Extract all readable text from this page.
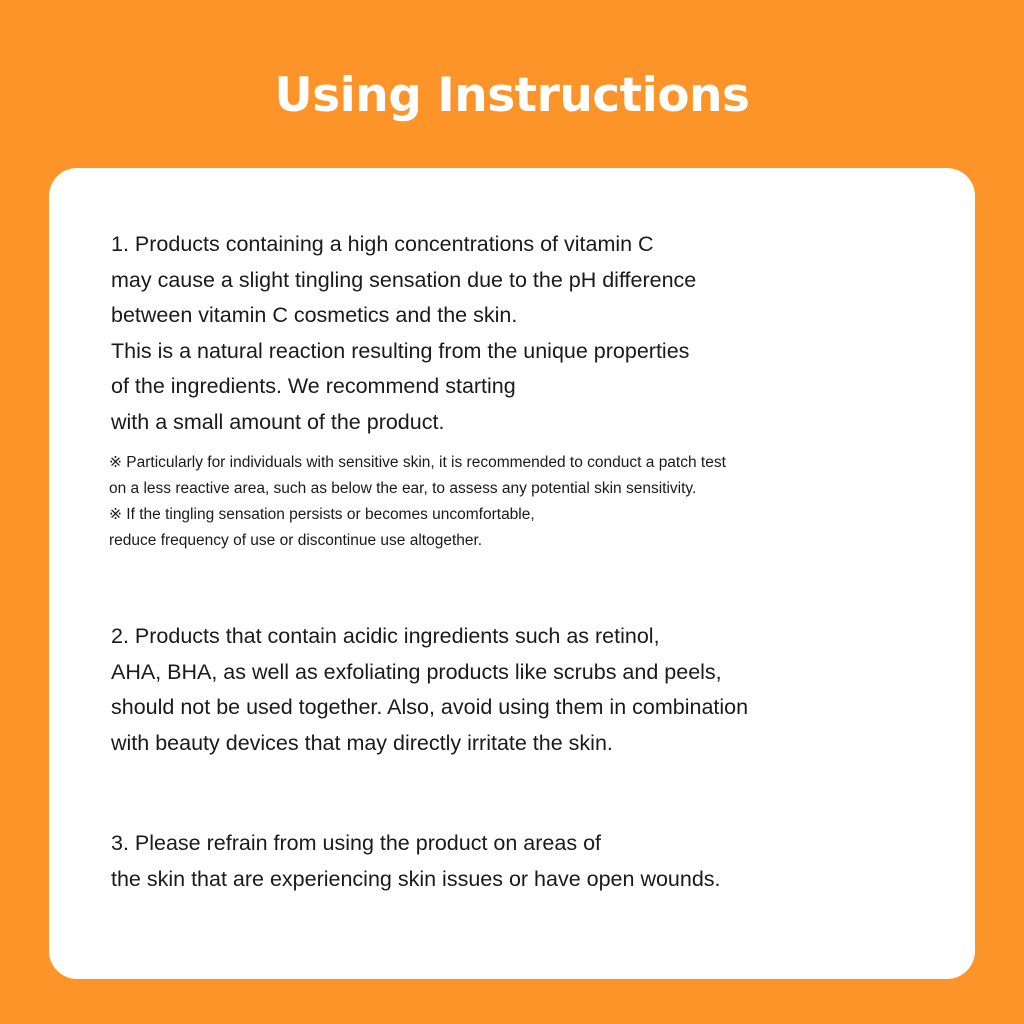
Using Instructions
1. Products containing a high concentrations of vitamin C
may cause a slight tingling sensation due to the pH difference
between vitamin C cosmetics and the skin.
This is a natural reaction resulting from the unique properties
of the ingredients. We recommend starting
with a small amount of the product.
※ Particularly for individuals with sensitive skin, it is recommended to conduct a patch test
on a less reactive area, such as below the ear, to assess any potential skin sensitivity.
※ If the tingling sensation persists or becomes uncomfortable,
reduce frequency of use or discontinue use altogether.
2. Products that contain acidic ingredients such as retinol,
AHA, BHA, as well as exfoliating products like scrubs and peels,
should not be used together. Also, avoid using them in combination
with beauty devices that may directly irritate the skin.
3. Please refrain from using the product on areas of
the skin that are experiencing skin issues or have open wounds.
